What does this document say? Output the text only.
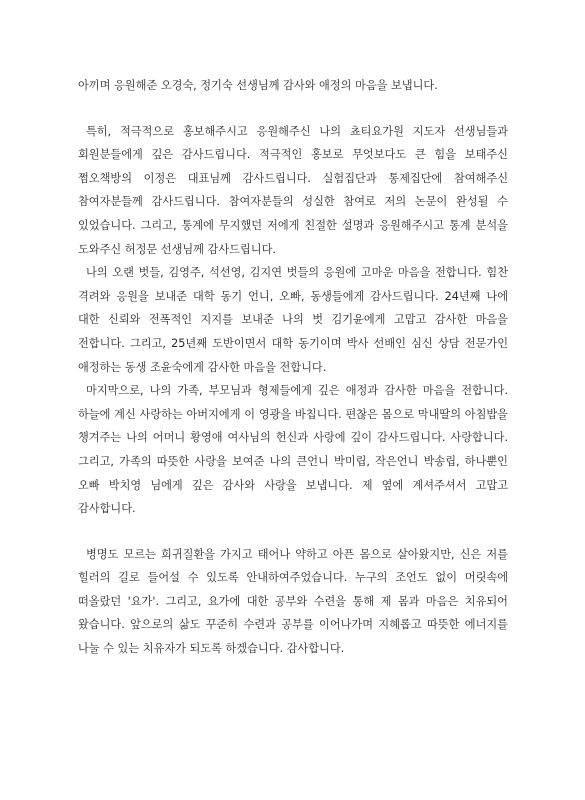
아끼며 응원해준 오경숙, 정기숙 선생님께 감사와 애정의 마음을 보냅니다.

특히, 적극적으로 홍보해주시고 응원해주신 나의 쵸티요가원 지도자 선생님들과 회원분들에게 깊은 감사드립니다. 적극적인 홍보로 무엇보다도 큰 힘을 보태주신 쩜오책방의 이정은 대표님께 감사드립니다. 실험집단과 통제집단에 참여해주신 참여자분들께 감사드립니다. 참여자분들의 성실한 참여로 저의 논문이 완성될 수 있었습니다. 그리고, 통계에 무지했던 저에게 친절한 설명과 응원해주시고 통계 분석을 도와주신 허정문 선생님께 감사드립니다.

나의 오랜 벗들, 김영주, 석선영, 김지연 벗들의 응원에 고마운 마음을 전합니다. 힘찬 격려와 응원을 보내준 대학 동기 언니, 오빠, 동생들에게 감사드립니다. 24년째 나에 대한 신뢰와 전폭적인 지지를 보내준 나의 벗 김기윤에게 고맙고 감사한 마음을 전합니다. 그리고, 25년째 도반이면서 대학 동기이며 박사 선배인 심신 상담 전문가인 애정하는 동생 조윤숙에게 감사한 마음을 전합니다.

마지막으로, 나의 가족, 부모님과 형제들에게 깊은 애정과 감사한 마음을 전합니다. 하늘에 계신 사랑하는 아버지에게 이 영광을 바칩니다. 편찮은 몸으로 막내딸의 아침밥을 챙겨주는 나의 어머니 황영애 여사님의 헌신과 사랑에 깊이 감사드립니다. 사랑합니다. 그리고, 가족의 따뜻한 사랑을 보여준 나의 큰언니 박미립, 작은언니 박송립, 하나뿐인 오빠 박치영 님에게 깊은 감사와 사랑을 보냅니다. 제 옆에 계셔주셔서 고맙고 감사합니다.

병명도 모르는 희귀질환을 가지고 태어나 약하고 아픈 몸으로 살아왔지만, 신은 저를 힐러의 길로 들어설 수 있도록 안내하여주었습니다. 누구의 조언도 없이 머릿속에 떠올랐던 '요가'. 그리고, 요가에 대한 공부와 수련을 통해 제 몸과 마음은 치유되어 왔습니다. 앞으로의 삶도 꾸준히 수련과 공부를 이어나가며 지혜롭고 따뜻한 에너지를 나눌 수 있는 치유자가 되도록 하겠습니다. 감사합니다.
